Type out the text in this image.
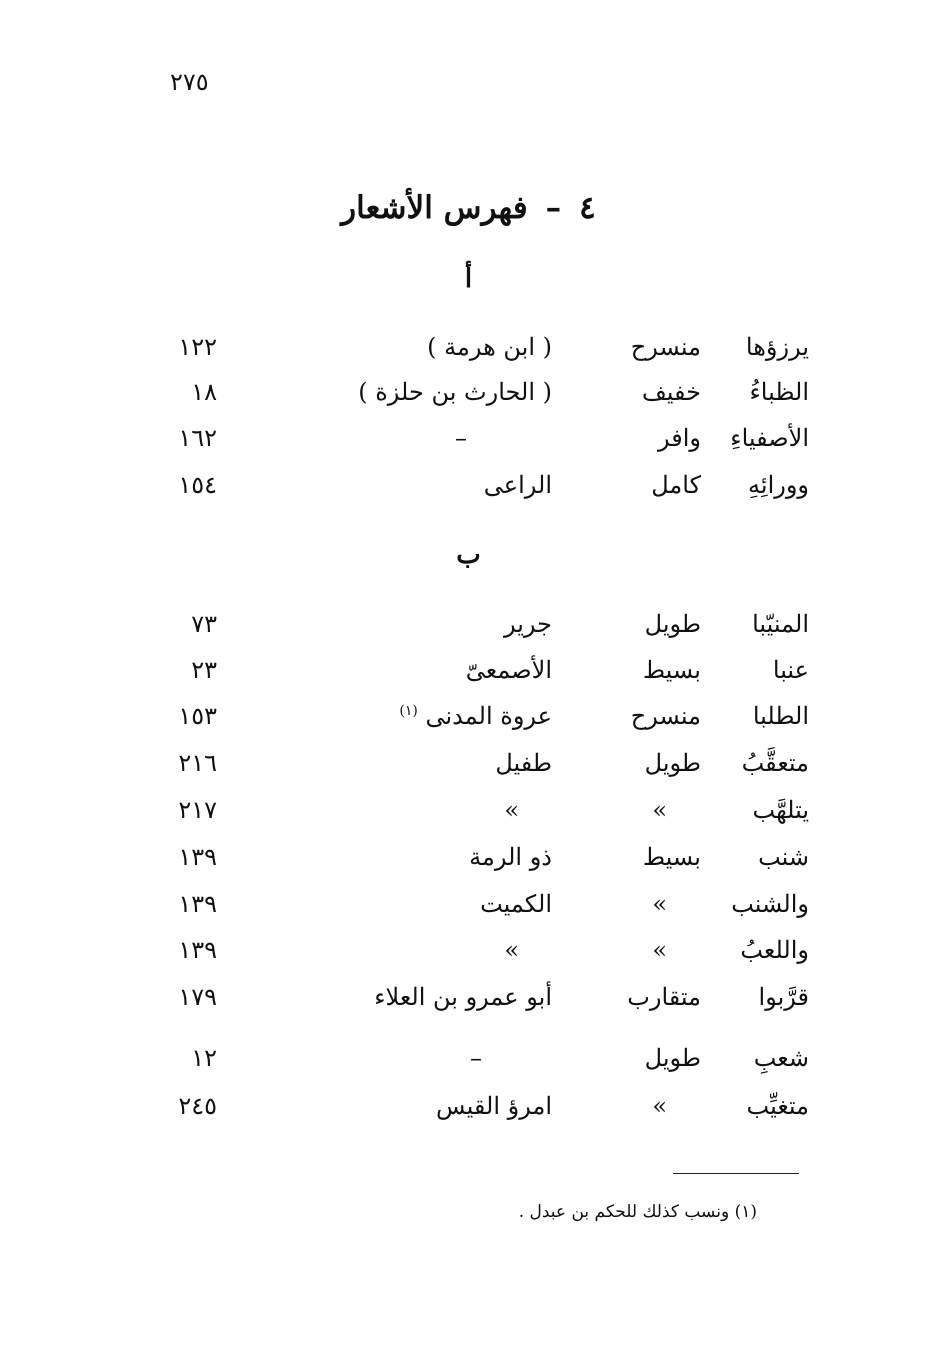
٢٧٥
٤–فهرس الأشعار
أ
يرزؤها
منسرح
( ابن هرمة )
١٢٢
الظباءُ
خفيف
( الحارث بن حلزة )
١٨
الأصفياءِ
وافر
–
١٦٢
وورائِهِ
كامل
الراعى
١٥٤
ب
المنيّبا
طويل
جرير
٧٣
عنبا
بسيط
الأصمعىّ
٢٣
الطلبا
منسرح
عروة المدنى $^{(١)}$
١٥٣
متعقَّبُ
طويل
طفيل
٢١٦
يتلهَّب
»
»
٢١٧
شنب
بسيط
ذو الرمة
١٣٩
والشنب
»
الكميت
١٣٩
واللعبُ
»
»
١٣٩
قرَّبوا
متقارب
أبو عمرو بن العلاء
١٧٩
شعبِ
طويل
–
١٢
متغيِّب
»
امرؤ القيس
٢٤٥
(١) ونسب كذلك للحكم بن عبدل .
